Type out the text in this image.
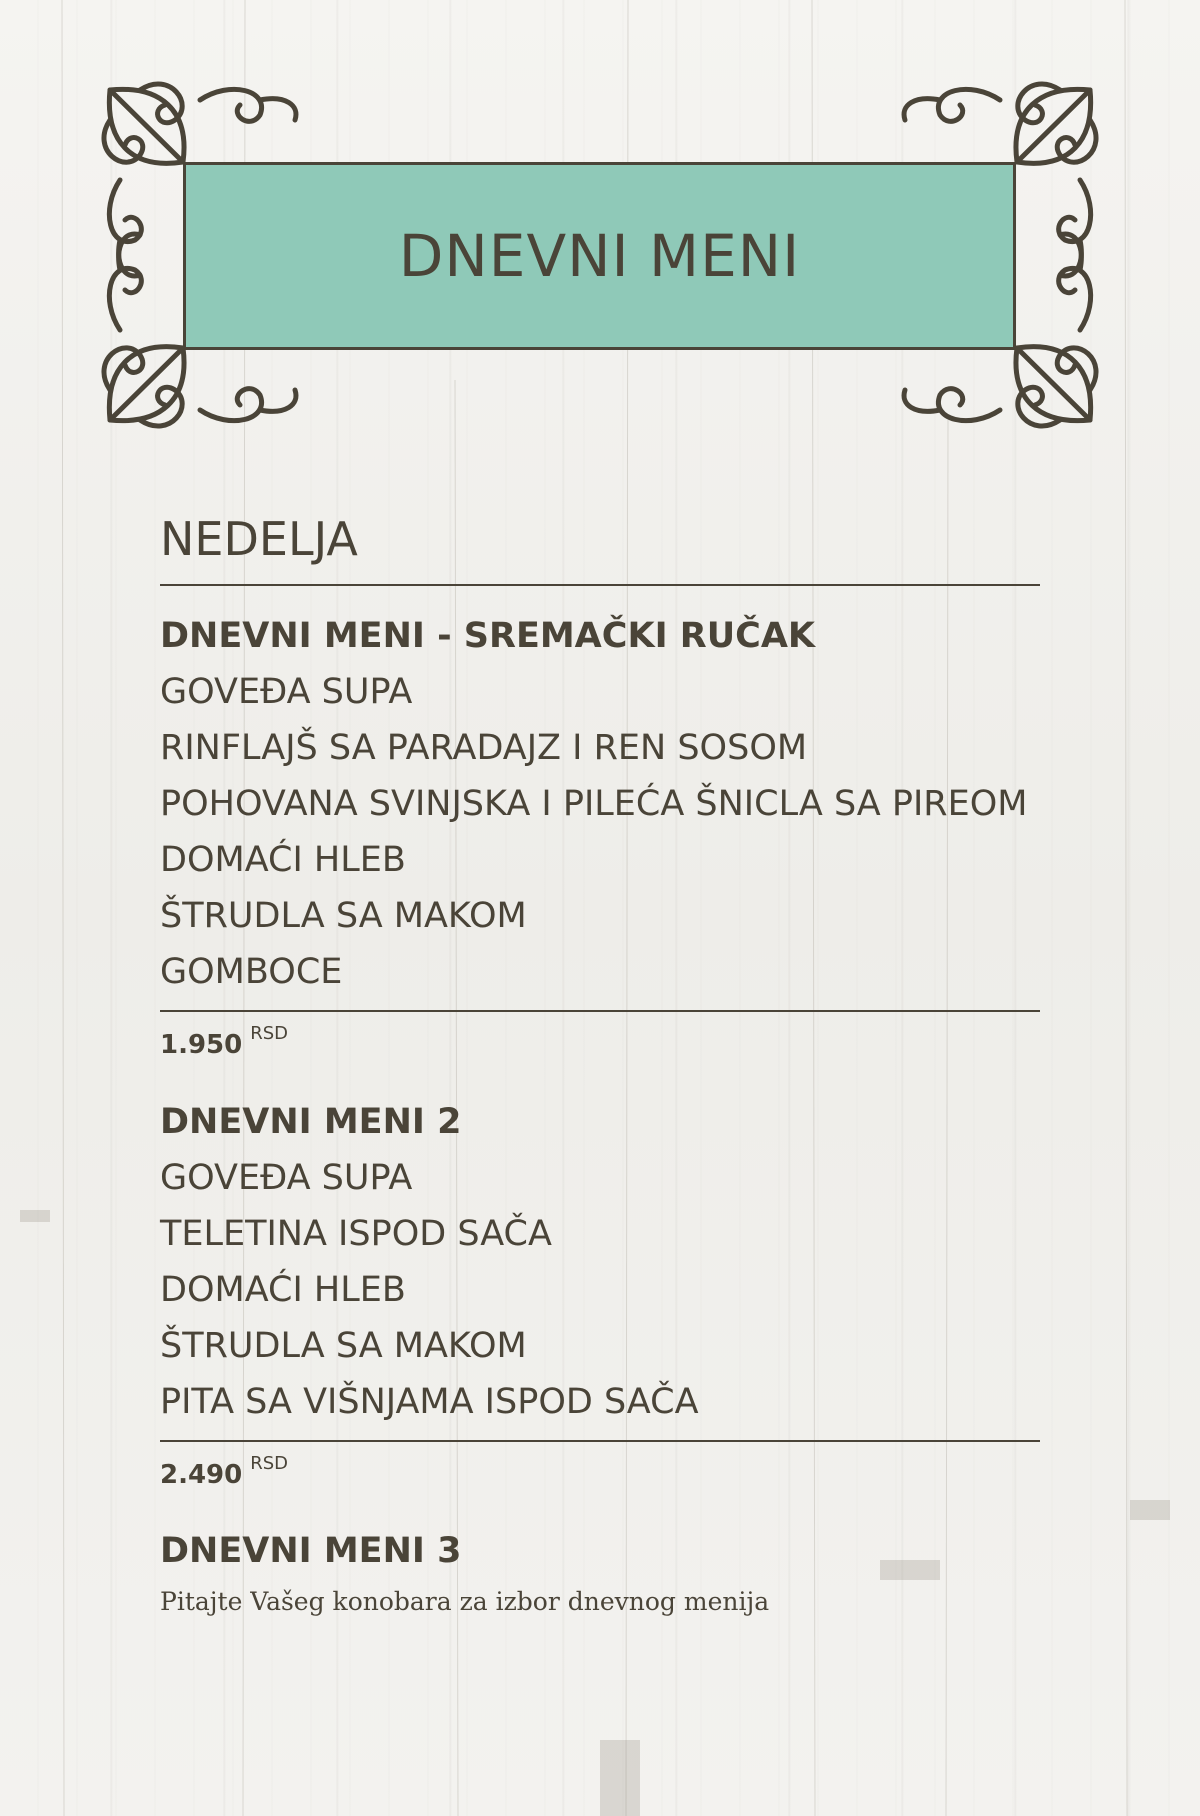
DNEVNI MENI
NEDELJA
DNEVNI MENI - SREMAČKI RUČAK
GOVEĐA SUPA
RINFLAJŠ SA PARADAJZ I REN SOSOM
POHOVANA SVINJSKA I PILEĆA ŠNICLA SA PIREOM
DOMAĆI HLEB
ŠTRUDLA SA MAKOM
GOMBOCE
1.950 $^{RSD}$
DNEVNI MENI 2
GOVEĐA SUPA
TELETINA ISPOD SAČA
DOMAĆI HLEB
ŠTRUDLA SA MAKOM
PITA SA VIŠNJAMA ISPOD SAČA
2.490 $^{RSD}$
DNEVNI MENI 3
Pitajte Vašeg konobara za izbor dnevnog menija
